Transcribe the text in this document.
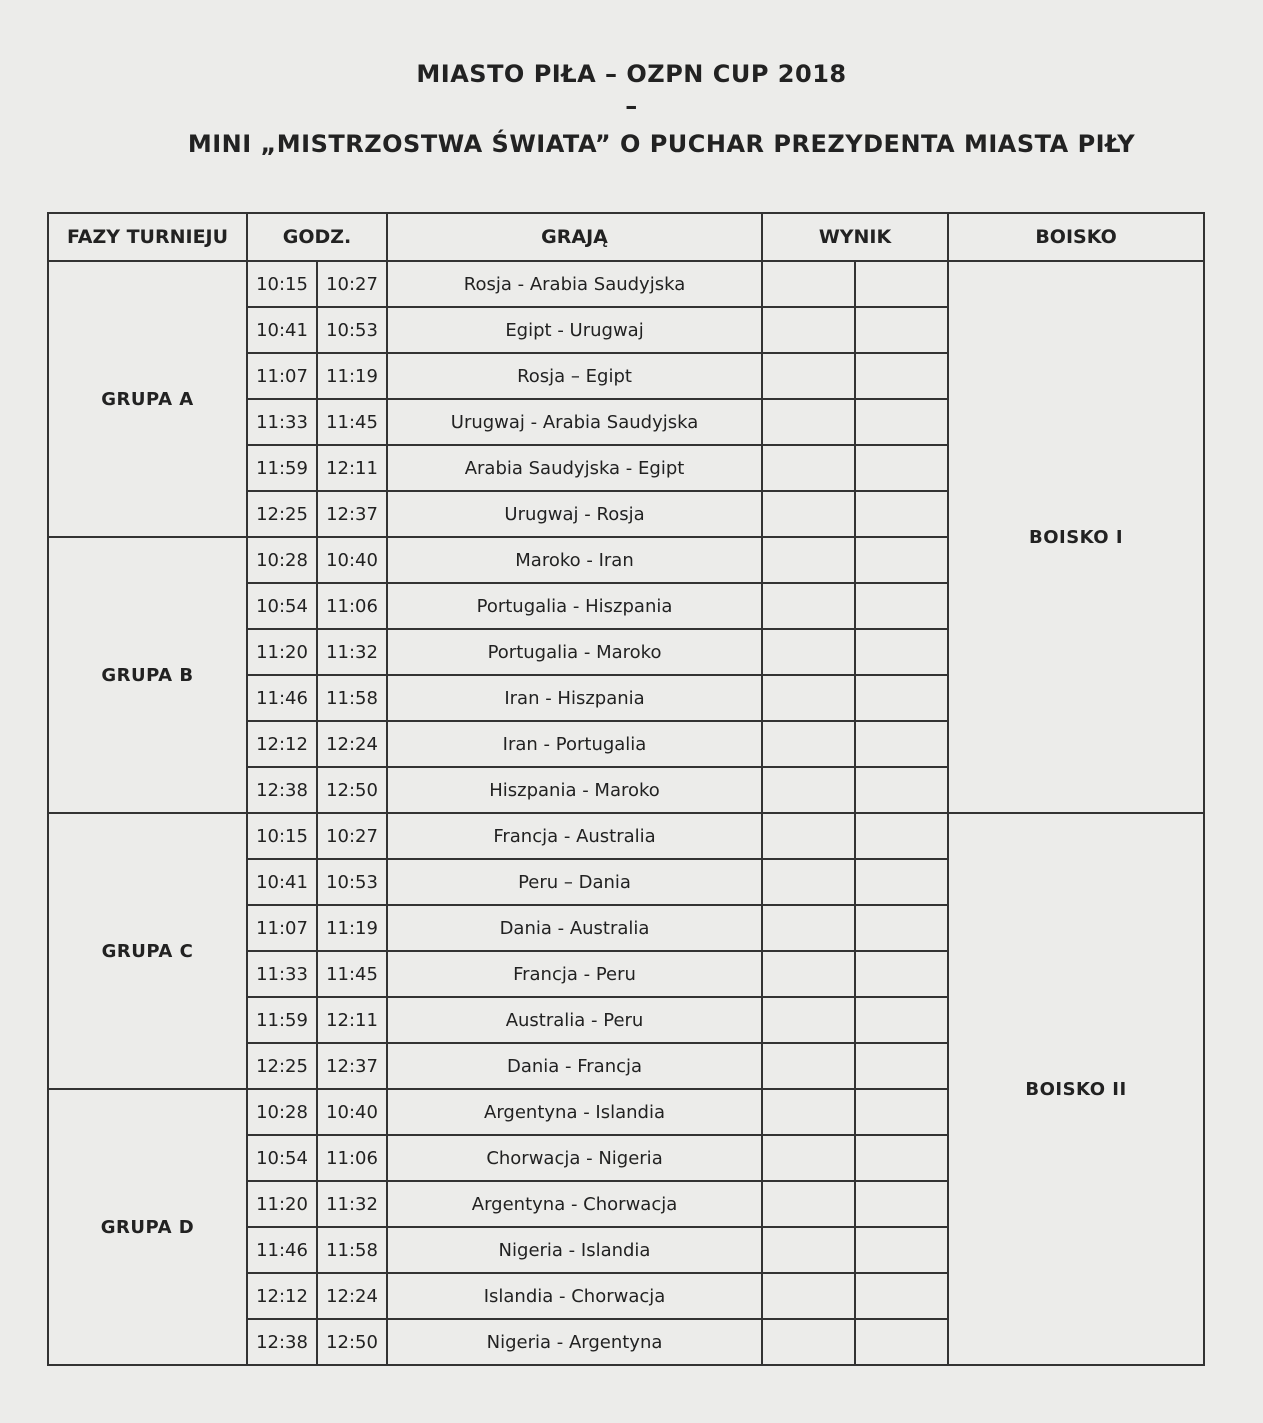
MIASTO PIŁA – OZPN CUP 2018
–
MINI „MISTRZOSTWA ŚWIATA” O PUCHAR PREZYDENTA MIASTA PIŁY
FAZY TURNIEJU	GODZ.		GRAJĄ	WYNIK		BOISKO
GRUPA A	10:15	10:27	Rosja - Arabia Saudyjska			BOISKO I
	10:41	10:53	Egipt - Urugwaj			
	11:07	11:19	Rosja – Egipt			
	11:33	11:45	Urugwaj - Arabia Saudyjska			
	11:59	12:11	Arabia Saudyjska - Egipt			
	12:25	12:37	Urugwaj - Rosja			
GRUPA B	10:28	10:40	Maroko - Iran			
	10:54	11:06	Portugalia - Hiszpania			
	11:20	11:32	Portugalia - Maroko			
	11:46	11:58	Iran - Hiszpania			
	12:12	12:24	Iran - Portugalia			
	12:38	12:50	Hiszpania - Maroko			
GRUPA C	10:15	10:27	Francja - Australia			BOISKO II
	10:41	10:53	Peru – Dania			
	11:07	11:19	Dania - Australia			
	11:33	11:45	Francja - Peru			
	11:59	12:11	Australia - Peru			
	12:25	12:37	Dania - Francja			
GRUPA D	10:28	10:40	Argentyna - Islandia			
	10:54	11:06	Chorwacja - Nigeria			
	11:20	11:32	Argentyna - Chorwacja			
	11:46	11:58	Nigeria - Islandia			
	12:12	12:24	Islandia - Chorwacja			
	12:38	12:50	Nigeria - Argentyna			
